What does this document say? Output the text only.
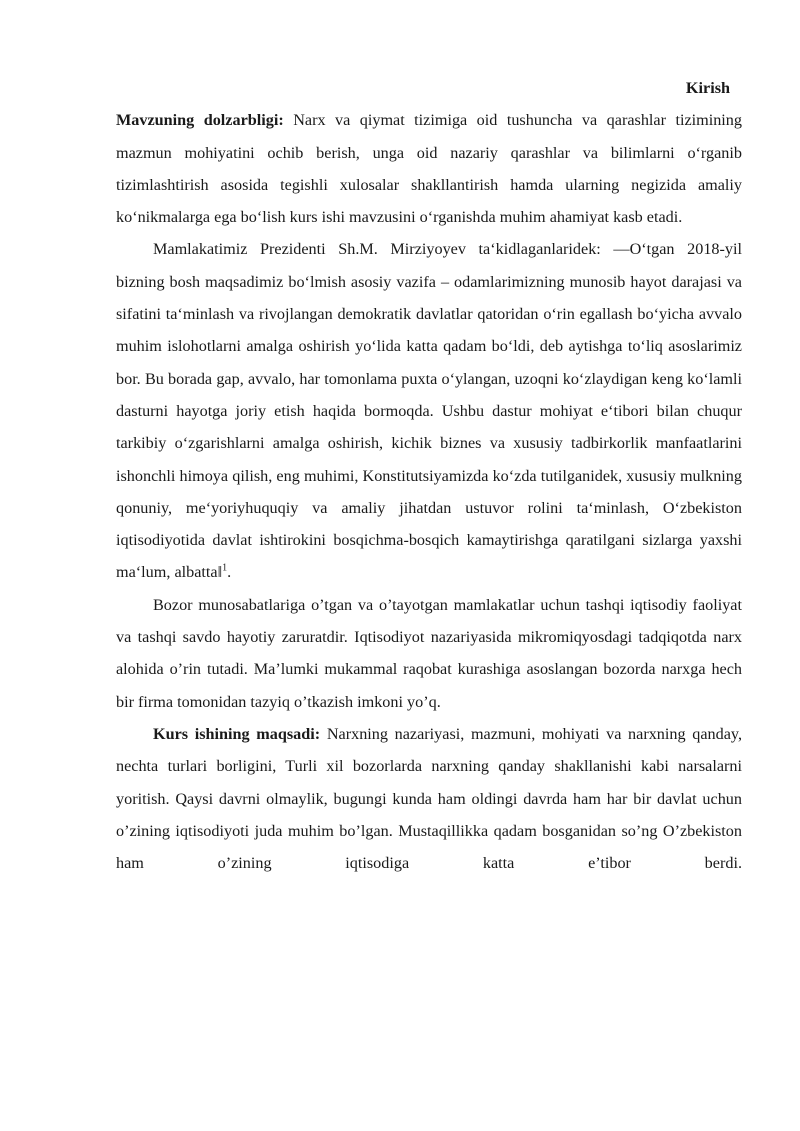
Kirish

Mavzuning dolzarbligi: Narx va qiymat tizimiga oid tushuncha va qarashlar tizimining mazmun mohiyatini ochib berish, unga oid nazariy qarashlar va bilimlarni o‘rganib tizimlashtirish asosida tegishli xulosalar shakllantirish hamda ularning negizida amaliy ko‘nikmalarga ega bo‘lish kurs ishi mavzusini o‘rganishda muhim ahamiyat kasb etadi.

Mamlakatimiz Prezidenti Sh.M. Mirziyoyev ta‘kidlaganlaridek: ―O‘tgan 2018-yil bizning bosh maqsadimiz bo‘lmish asosiy vazifa – odamlarimizning munosib hayot darajasi va sifatini ta‘minlash va rivojlangan demokratik davlatlar qatoridan o‘rin egallash bo‘yicha avvalo muhim islohotlarni amalga oshirish yo‘lida katta qadam bo‘ldi, deb aytishga to‘liq asoslarimiz bor. Bu borada gap, avvalo, har tomonlama puxta o‘ylangan, uzoqni ko‘zlaydigan keng ko‘lamli dasturni hayotga joriy etish haqida bormoqda. Ushbu dastur mohiyat e‘tibori bilan chuqur tarkibiy o‘zgarishlarni amalga oshirish, kichik biznes va xususiy tadbirkorlik manfaatlarini ishonchli himoya qilish, eng muhimi, Konstitutsiyamizda ko‘zda tutilganidek, xususiy mulkning qonuniy, me‘yoriyhuquqiy va amaliy jihatdan ustuvor rolini ta‘minlash, O‘zbekiston iqtisodiyotida davlat ishtirokini bosqichma-bosqich kamaytirishga qaratilgani sizlarga yaxshi ma‘lum, albatta‖$^1$.

Bozor munosabatlariga o’tgan va o’tayotgan mamlakatlar uchun tashqi iqtisodiy faoliyat va tashqi savdo hayotiy zaruratdir. Iqtisodiyot nazariyasida mikromiqyosdagi tadqiqotda narx alohida o’rin tutadi. Ma’lumki mukammal raqobat kurashiga asoslangan bozorda narxga hech bir firma tomonidan tazyiq o’tkazish imkoni yo’q.

Kurs ishining maqsadi: Narxning nazariyasi, mazmuni, mohiyati va narxning qanday, nechta turlari borligini, Turli xil bozorlarda narxning qanday shakllanishi kabi narsalarni yoritish. Qaysi davrni olmaylik, bugungi kunda ham oldingi davrda ham har bir davlat uchun o’zining iqtisodiyoti juda muhim bo’lgan. Mustaqillikka qadam bosganidan so’ng O’zbekiston ham o’zining iqtisodiga katta e’tibor berdi.
